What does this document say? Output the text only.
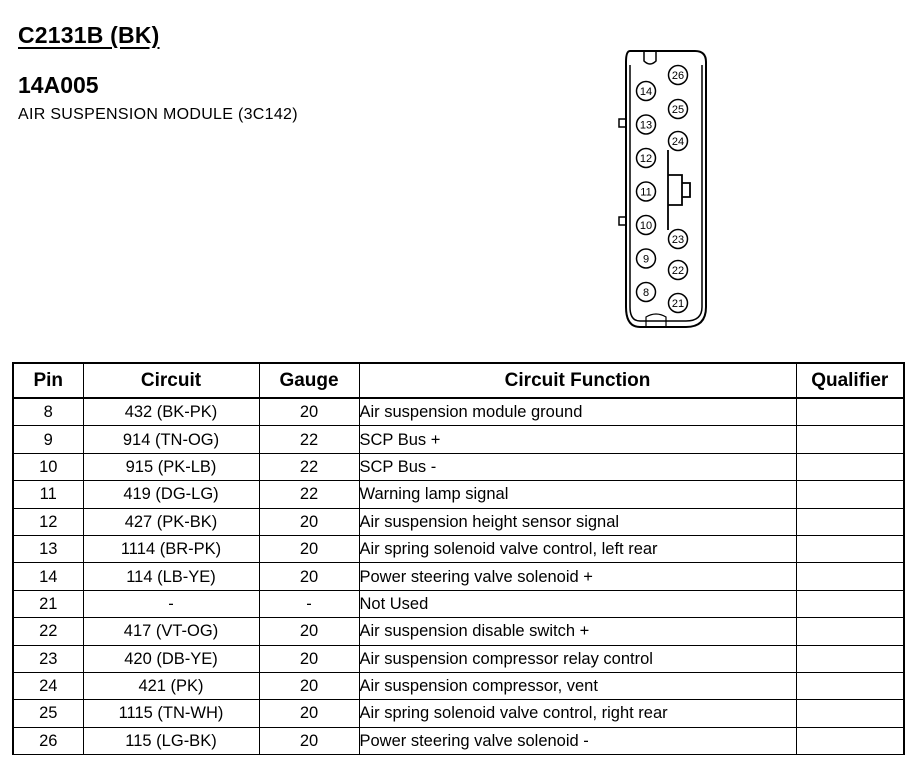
C2131B (BK)
14A005
AIR SUSPENSION MODULE (3C142)
14
13
12
11
10
9
8
26
25
24
23
22
21
Pin	Circuit	Gauge	Circuit Function	Qualifier
8	432 (BK-PK)	20	Air suspension module ground	
9	914 (TN-OG)	22	SCP Bus +	
10	915 (PK-LB)	22	SCP Bus -	
11	419 (DG-LG)	22	Warning lamp signal	
12	427 (PK-BK)	20	Air suspension height sensor signal	
13	1114 (BR-PK)	20	Air spring solenoid valve control, left rear	
14	114 (LB-YE)	20	Power steering valve solenoid +	
21	-	-	Not Used	
22	417 (VT-OG)	20	Air suspension disable switch +	
23	420 (DB-YE)	20	Air suspension compressor relay control	
24	421 (PK)	20	Air suspension compressor, vent	
25	1115 (TN-WH)	20	Air spring solenoid valve control, right rear	
26	115 (LG-BK)	20	Power steering valve solenoid -	
